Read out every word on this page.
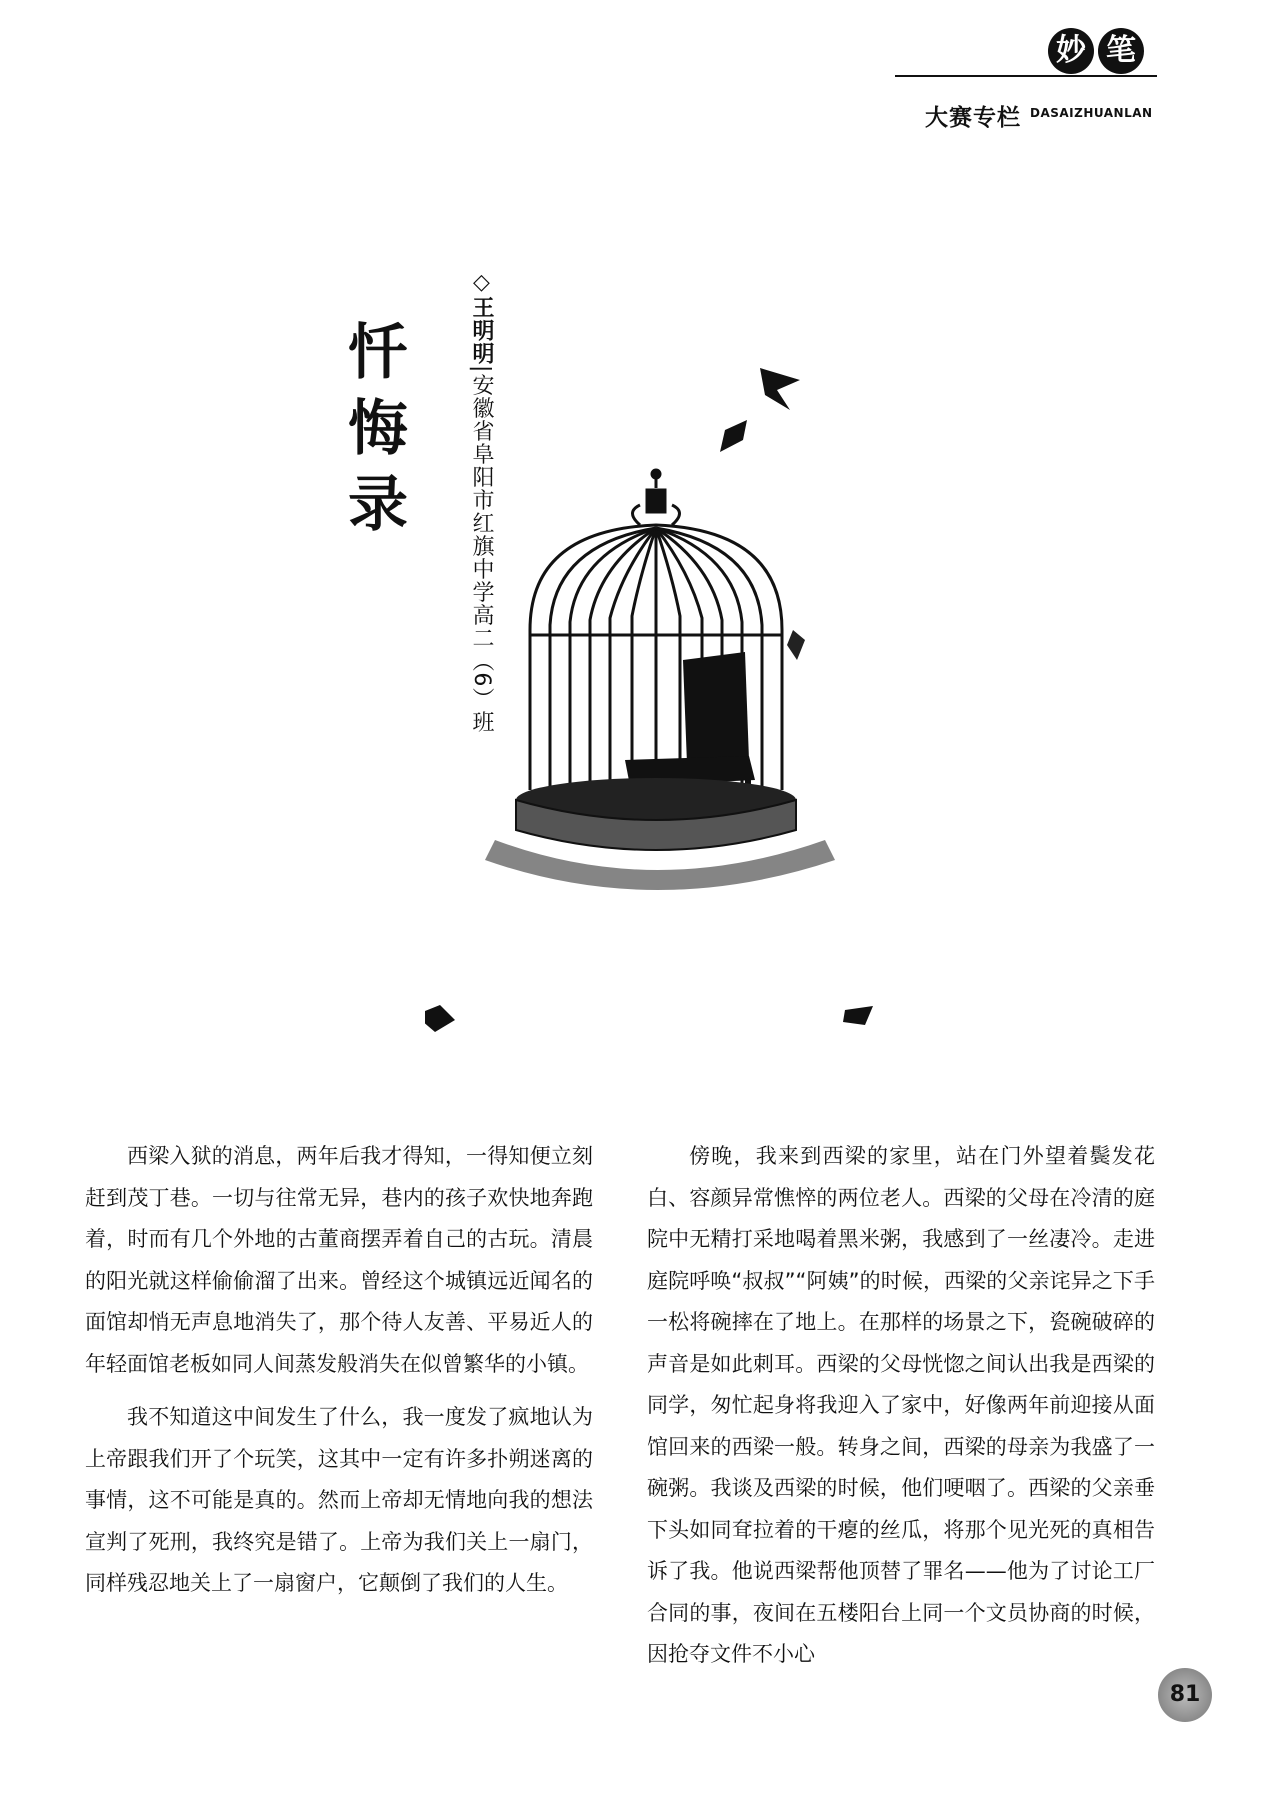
妙 笔
大赛专栏 DASAIZHUANLAN
忏悔录
◇王明明|安徽省阜阳市红旗中学高二（6）班

西梁入狱的消息，两年后我才得知，一得知便立刻赶到茂丁巷。一切与往常无异，巷内的孩子欢快地奔跑着，时而有几个外地的古董商摆弄着自己的古玩。清晨的阳光就这样偷偷溜了出来。曾经这个城镇远近闻名的面馆却悄无声息地消失了，那个待人友善、平易近人的年轻面馆老板如同人间蒸发般消失在似曾繁华的小镇。

我不知道这中间发生了什么，我一度发了疯地认为上帝跟我们开了个玩笑，这其中一定有许多扑朔迷离的事情，这不可能是真的。然而上帝却无情地向我的想法宣判了死刑，我终究是错了。上帝为我们关上一扇门，同样残忍地关上了一扇窗户，它颠倒了我们的人生。

傍晚，我来到西梁的家里，站在门外望着鬓发花白、容颜异常憔悴的两位老人。西梁的父母在冷清的庭院中无精打采地喝着黑米粥，我感到了一丝凄冷。走进庭院呼唤“叔叔”“阿姨”的时候，西梁的父亲诧异之下手一松将碗摔在了地上。在那样的场景之下，瓷碗破碎的声音是如此刺耳。西梁的父母恍惚之间认出我是西梁的同学，匆忙起身将我迎入了家中，好像两年前迎接从面馆回来的西梁一般。转身之间，西梁的母亲为我盛了一碗粥。我谈及西梁的时候，他们哽咽了。西梁的父亲垂下头如同耷拉着的干瘪的丝瓜，将那个见光死的真相告诉了我。他说西梁帮他顶替了罪名——他为了讨论工厂合同的事，夜间在五楼阳台上同一个文员协商的时候，因抢夺文件不小心

81
